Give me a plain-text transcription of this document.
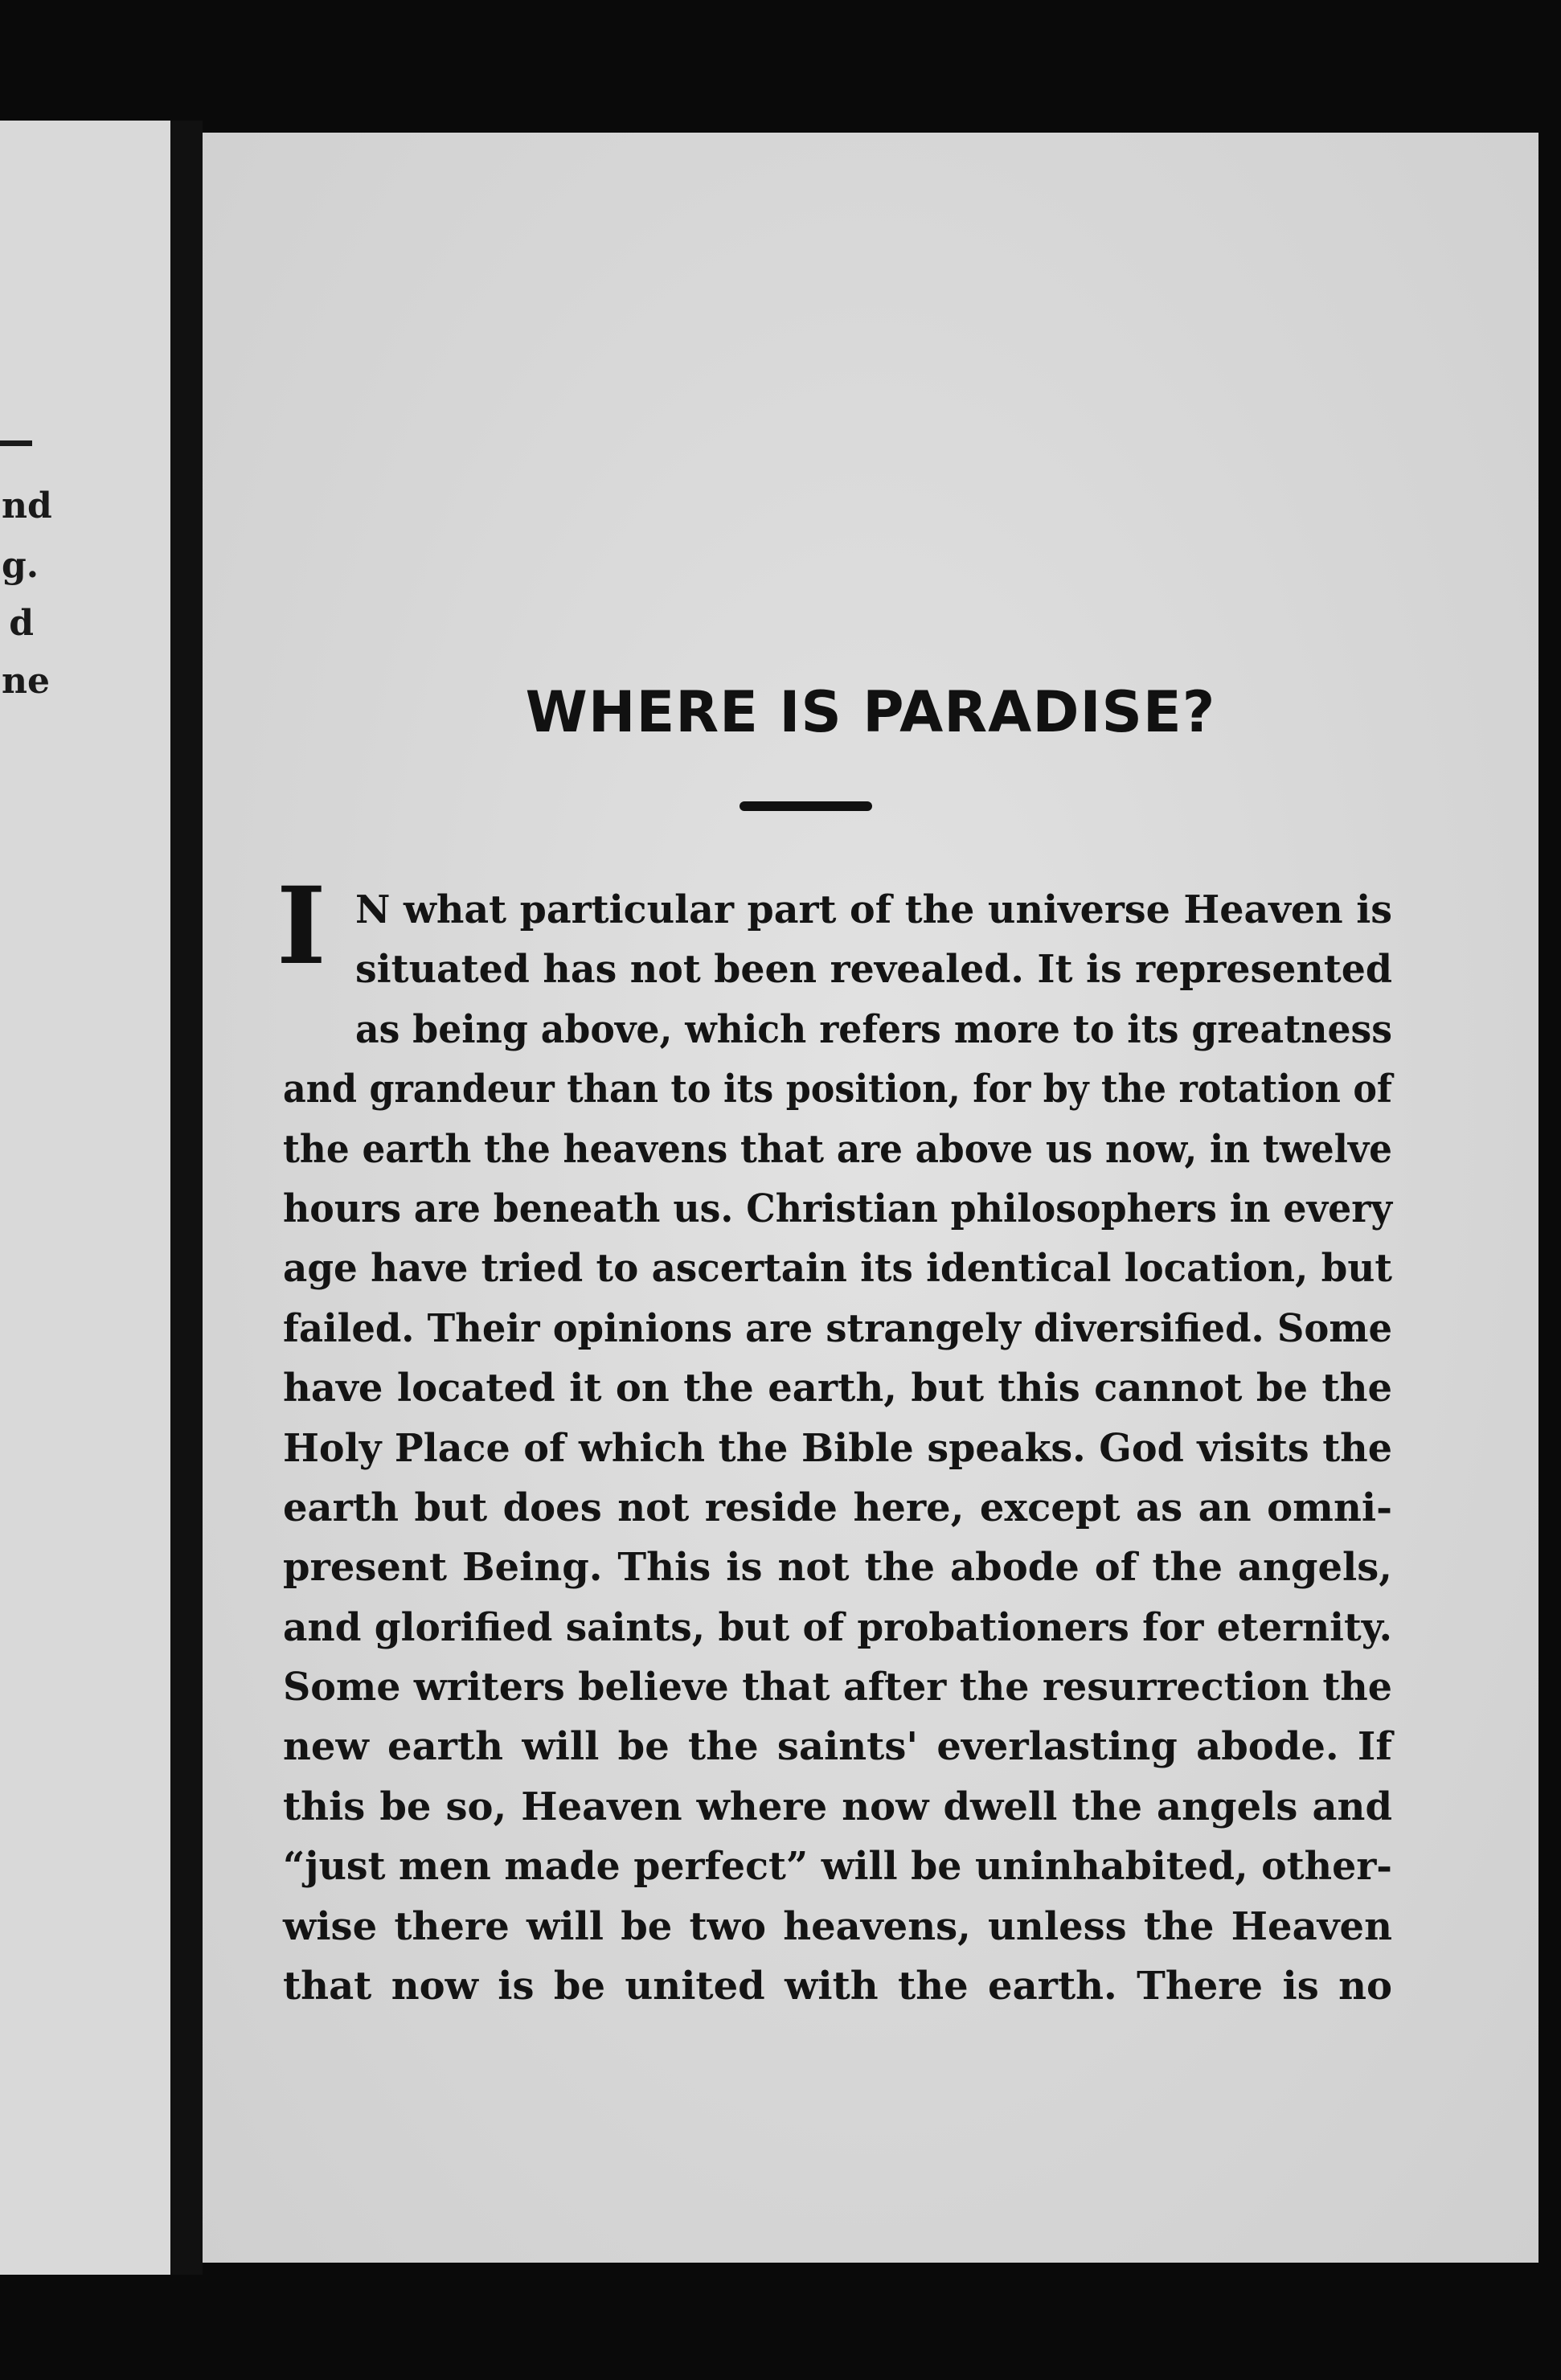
nd
g.
d
ne	WHERE IS PARADISE?
I N what particular part of the universe Heaven is
situated has not been revealed. It is represented
as being above, which refers more to its greatness
and grandeur than to its position, for by the rotation of
the earth the heavens that are above us now, in twelve
hours are beneath us. Christian philosophers in every
age have tried to ascertain its identical location, but
failed. Their opinions are strangely diversified. Some
have located it on the earth, but this cannot be the
Holy Place of which the Bible speaks. God visits the
earth but does not reside here, except as an omni-
present Being. This is not the abode of the angels,
and glorified saints, but of probationers for eternity.
Some writers believe that after the resurrection the
new earth will be the saints' everlasting abode. If
this be so, Heaven where now dwell the angels and
“just men made perfect” will be uninhabited, other-
wise there will be two heavens, unless the Heaven
that now is be united with the earth. There is no
